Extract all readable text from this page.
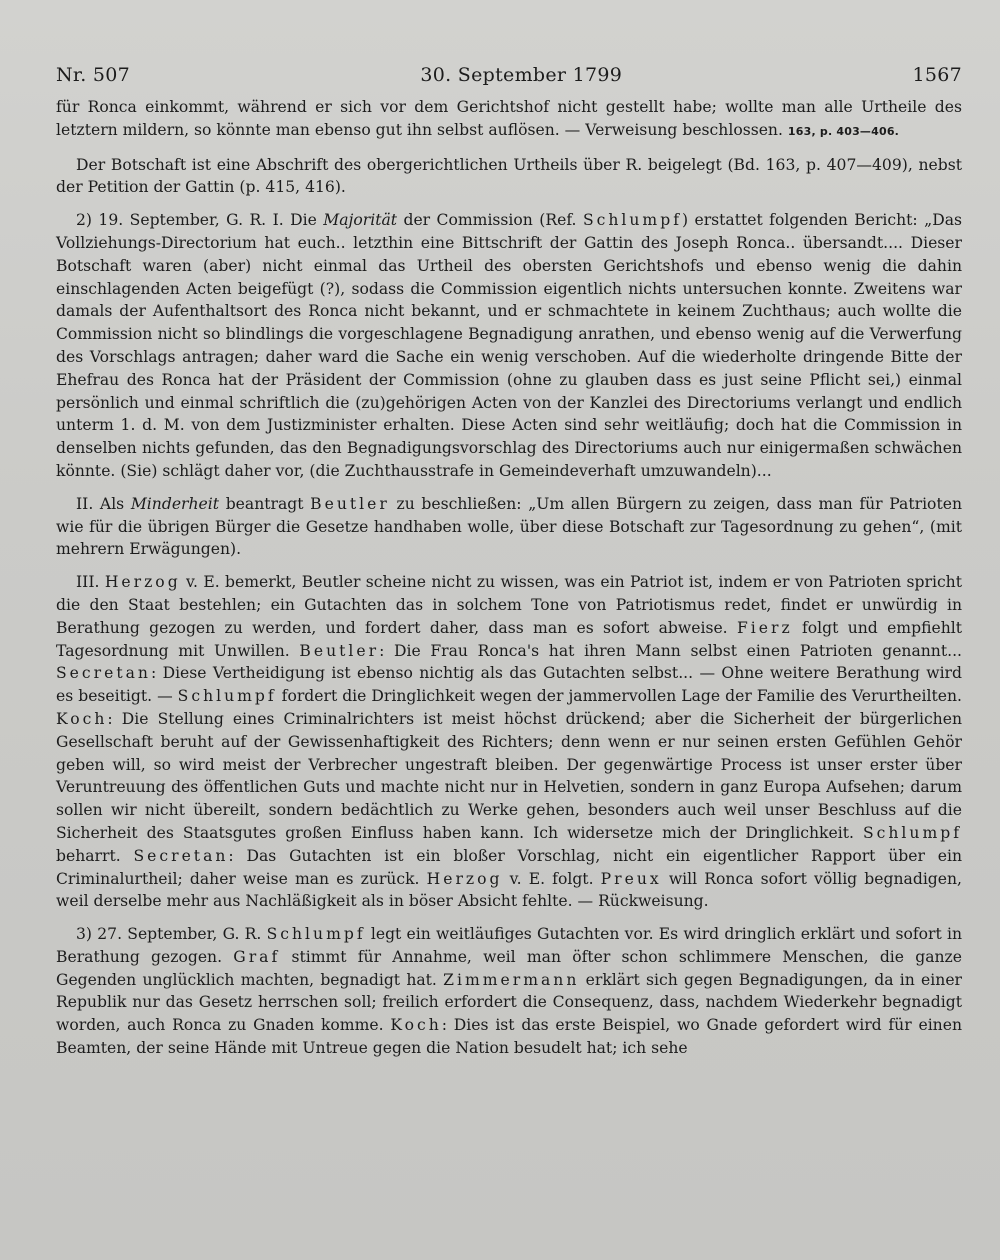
Nr. 507	30. September 1799	1567

für Ronca einkommt, während er sich vor dem Gerichtshof nicht gestellt habe; wollte man alle Urtheile des letztern mildern, so könnte man ebenso gut ihn selbst auflösen. — Verweisung beschlossen. 163, p. 403—406.

Der Botschaft ist eine Abschrift des obergerichtlichen Urtheils über R. beigelegt (Bd. 163, p. 407—409), nebst der Petition der Gattin (p. 415, 416).

2) 19. September, G. R. I. Die Majorität der Commission (Ref. Schlumpf) erstattet folgenden Bericht: „Das Vollziehungs-Directorium hat euch.. letzthin eine Bittschrift der Gattin des Joseph Ronca.. übersandt.... Dieser Botschaft waren (aber) nicht einmal das Urtheil des obersten Gerichtshofs und ebenso wenig die dahin einschlagenden Acten beigefügt (?), sodass die Commission eigentlich nichts untersuchen konnte. Zweitens war damals der Aufenthaltsort des Ronca nicht bekannt, und er schmachtete in keinem Zuchthaus; auch wollte die Commission nicht so blindlings die vorgeschlagene Begnadigung anrathen, und ebenso wenig auf die Verwerfung des Vorschlags antragen; daher ward die Sache ein wenig verschoben. Auf die wiederholte dringende Bitte der Ehefrau des Ronca hat der Präsident der Commission (ohne zu glauben dass es just seine Pflicht sei,) einmal persönlich und einmal schriftlich die (zu)gehörigen Acten von der Kanzlei des Directoriums verlangt und endlich unterm 1. d. M. von dem Justizminister erhalten. Diese Acten sind sehr weitläufig; doch hat die Commission in denselben nichts gefunden, das den Begnadigungsvorschlag des Directoriums auch nur einigermaßen schwächen könnte. (Sie) schlägt daher vor, (die Zuchthausstrafe in Gemeindeverhaft umzuwandeln)...

II. Als Minderheit beantragt Beutler zu beschließen: „Um allen Bürgern zu zeigen, dass man für Patrioten wie für die übrigen Bürger die Gesetze handhaben wolle, über diese Botschaft zur Tagesordnung zu gehen“, (mit mehrern Erwägungen).

III. Herzog v. E. bemerkt, Beutler scheine nicht zu wissen, was ein Patriot ist, indem er von Patrioten spricht die den Staat bestehlen; ein Gutachten das in solchem Tone von Patriotismus redet, findet er unwürdig in Berathung gezogen zu werden, und fordert daher, dass man es sofort abweise. Fierz folgt und empfiehlt Tagesordnung mit Unwillen. Beutler: Die Frau Ronca's hat ihren Mann selbst einen Patrioten genannt... Secretan: Diese Vertheidigung ist ebenso nichtig als das Gutachten selbst... — Ohne weitere Berathung wird es beseitigt. — Schlumpf fordert die Dringlichkeit wegen der jammervollen Lage der Familie des Verurtheilten. Koch: Die Stellung eines Criminalrichters ist meist höchst drückend; aber die Sicherheit der bürgerlichen Gesellschaft beruht auf der Gewissenhaftigkeit des Richters; denn wenn er nur seinen ersten Gefühlen Gehör geben will, so wird meist der Verbrecher ungestraft bleiben. Der gegenwärtige Process ist unser erster über Veruntreuung des öffentlichen Guts und machte nicht nur in Helvetien, sondern in ganz Europa Aufsehen; darum sollen wir nicht übereilt, sondern bedächtlich zu Werke gehen, besonders auch weil unser Beschluss auf die Sicherheit des Staatsgutes großen Einfluss haben kann. Ich widersetze mich der Dringlichkeit. Schlumpf beharrt. Secretan: Das Gutachten ist ein bloßer Vorschlag, nicht ein eigentlicher Rapport über ein Criminalurtheil; daher weise man es zurück. Herzog v. E. folgt. Preux will Ronca sofort völlig begnadigen, weil derselbe mehr aus Nachläßigkeit als in böser Absicht fehlte. — Rückweisung.

3) 27. September, G. R. Schlumpf legt ein weitläufiges Gutachten vor. Es wird dringlich erklärt und sofort in Berathung gezogen. Graf stimmt für Annahme, weil man öfter schon schlimmere Menschen, die ganze Gegenden unglücklich machten, begnadigt hat. Zimmermann erklärt sich gegen Begnadigungen, da in einer Republik nur das Gesetz herrschen soll; freilich erfordert die Consequenz, dass, nachdem Wiederkehr begnadigt worden, auch Ronca zu Gnaden komme. Koch: Dies ist das erste Beispiel, wo Gnade gefordert wird für einen Beamten, der seine Hände mit Untreue gegen die Nation besudelt hat; ich sehe
